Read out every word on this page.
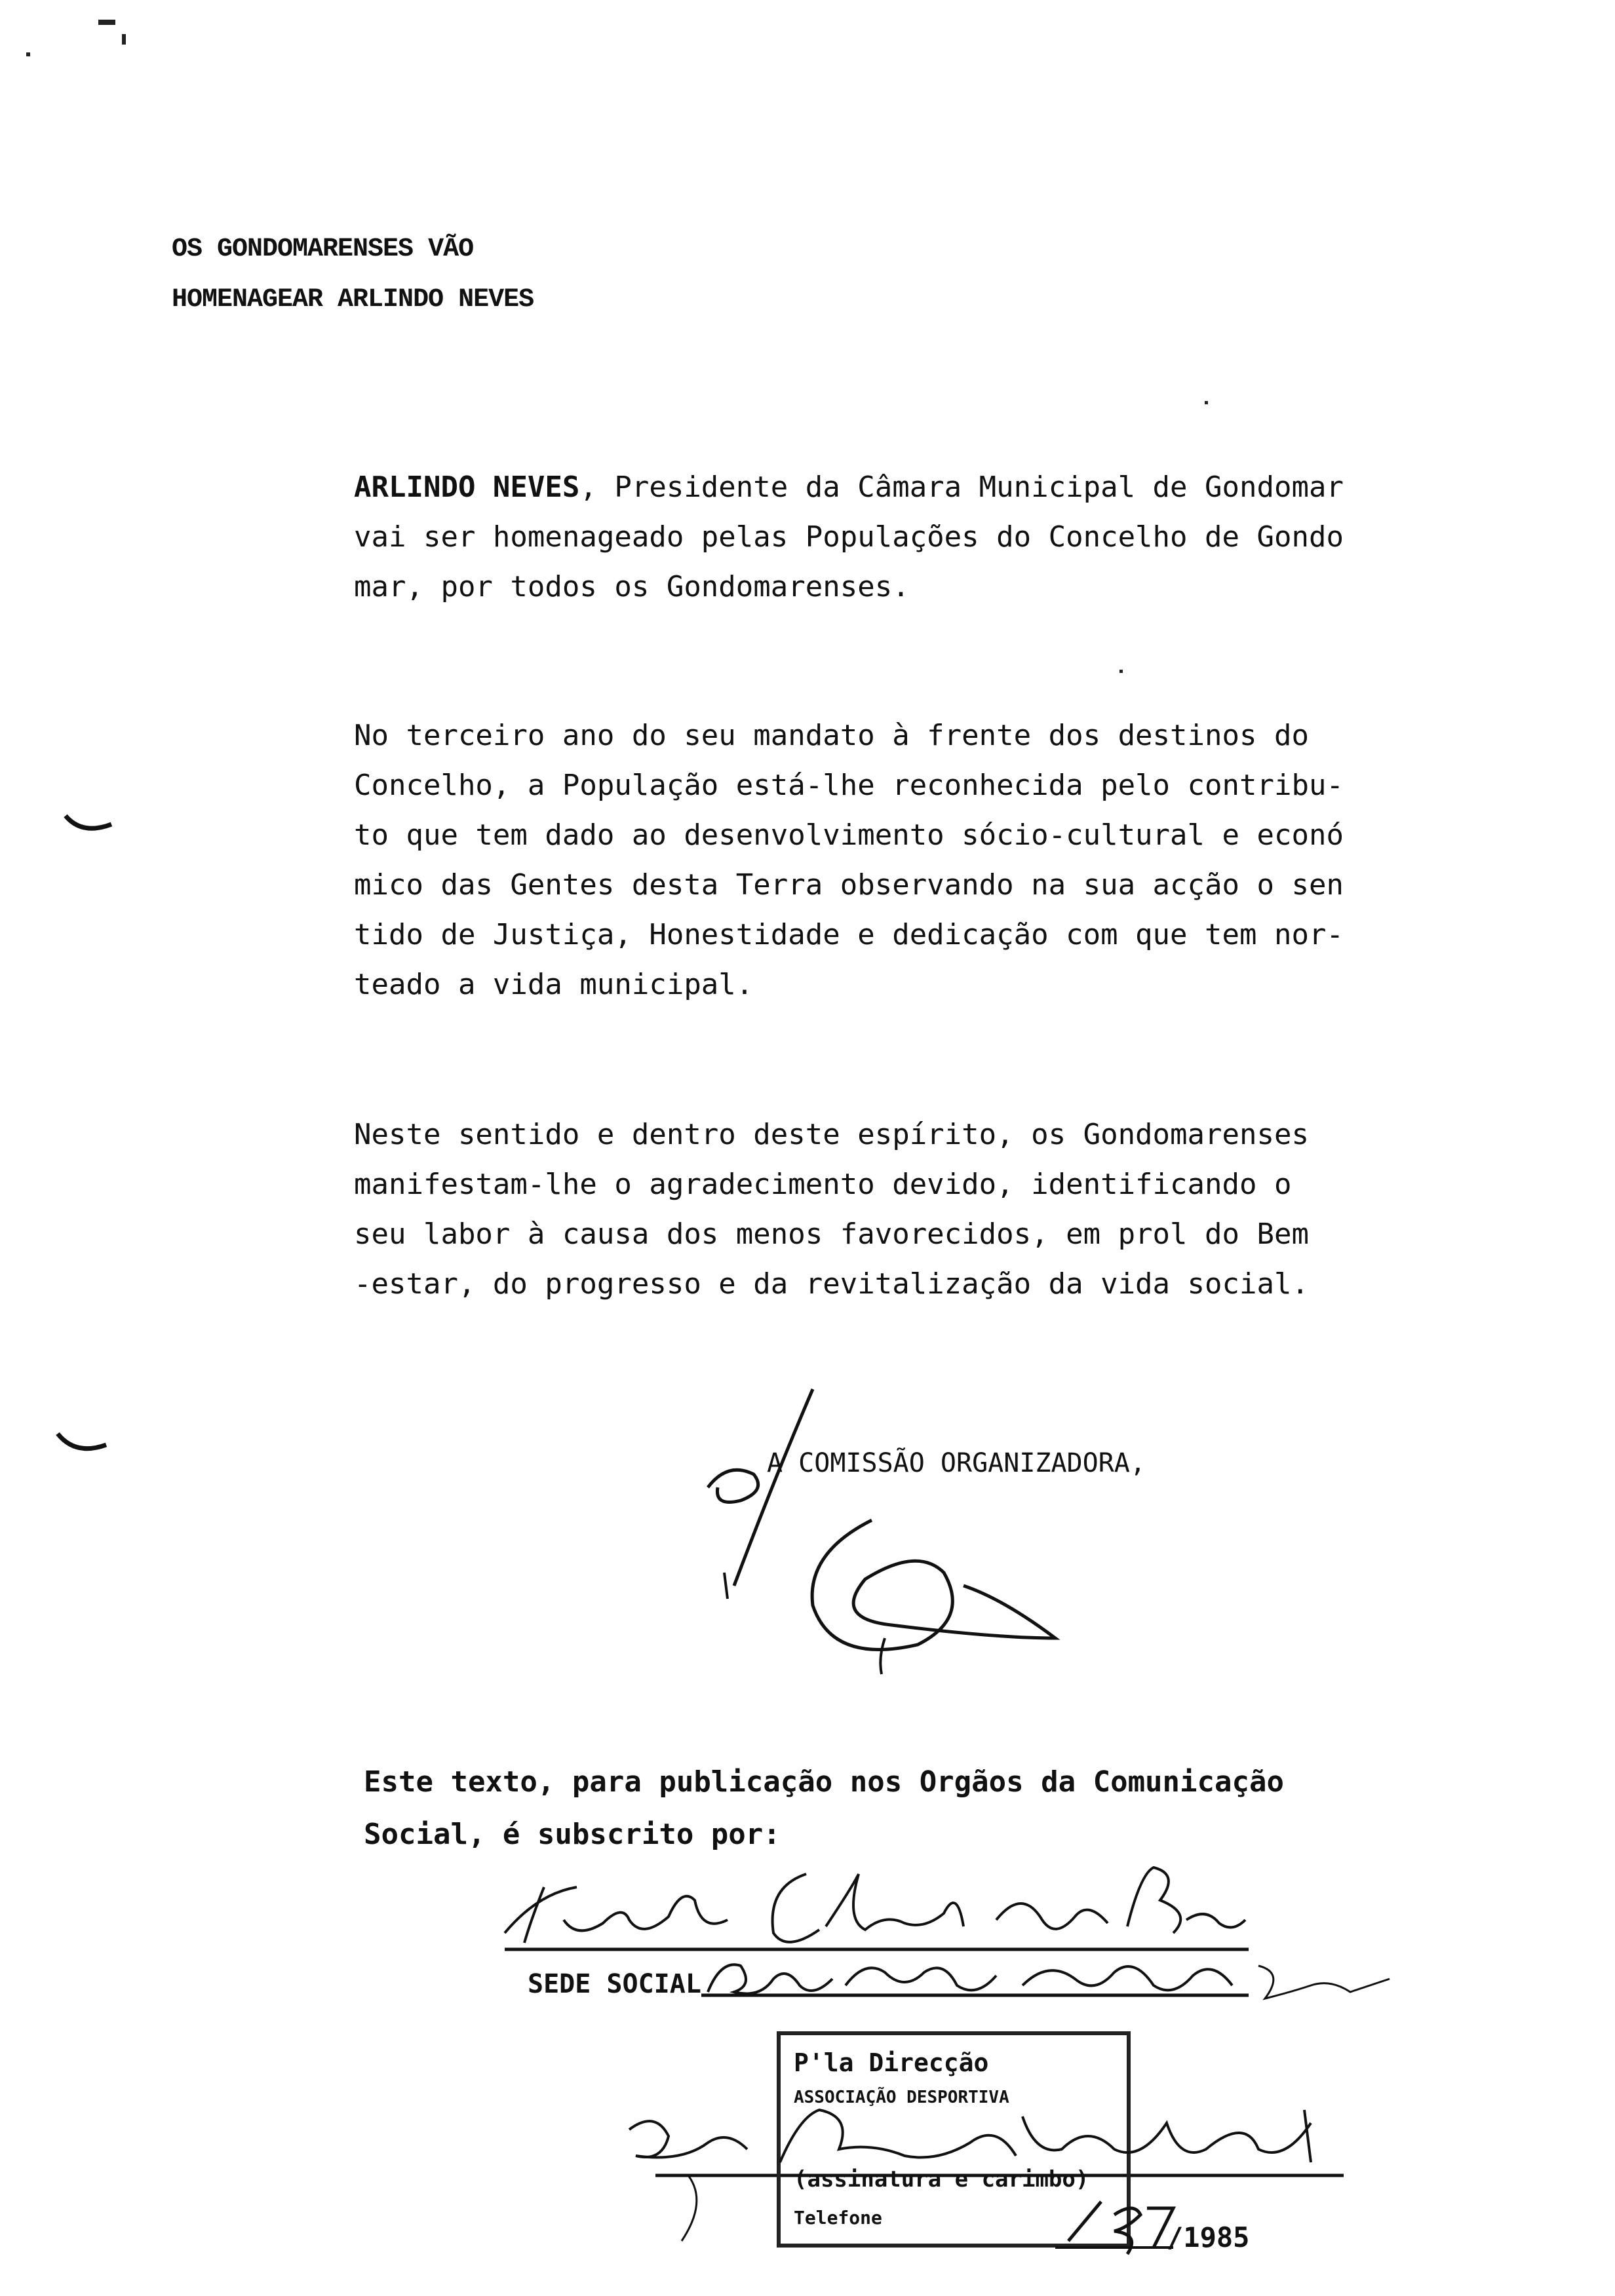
OS GONDOMARENSES VÃO
HOMENAGEAR ARLINDO NEVES
ARLINDO NEVES, Presidente da Câmara Municipal de Gondomar
vai ser homenageado pelas Populações do Concelho de Gondo
mar, por todos os Gondomarenses.
No terceiro ano do seu mandato à frente dos destinos do
Concelho, a População está-lhe reconhecida pelo contribu-
to que tem dado ao desenvolvimento sócio-cultural e econó
mico das Gentes desta Terra observando na sua acção o sen
tido de Justiça, Honestidade e dedicação com que tem nor-
teado a vida municipal.
Neste sentido e dentro deste espírito, os Gondomarenses
manifestam-lhe o agradecimento devido, identificando o
seu labor à causa dos menos favorecidos, em prol do Bem
-estar, do progresso e da revitalização da vida social.
A COMISSÃO ORGANIZADORA,
Este texto, para publicação nos Orgãos da Comunicação
Social, é subscrito por:
SEDE SOCIAL
P'la Direcção
ASSOCIAÇÃO DESPORTIVA
(assinatura e carimbo)
Telefone
/1985
